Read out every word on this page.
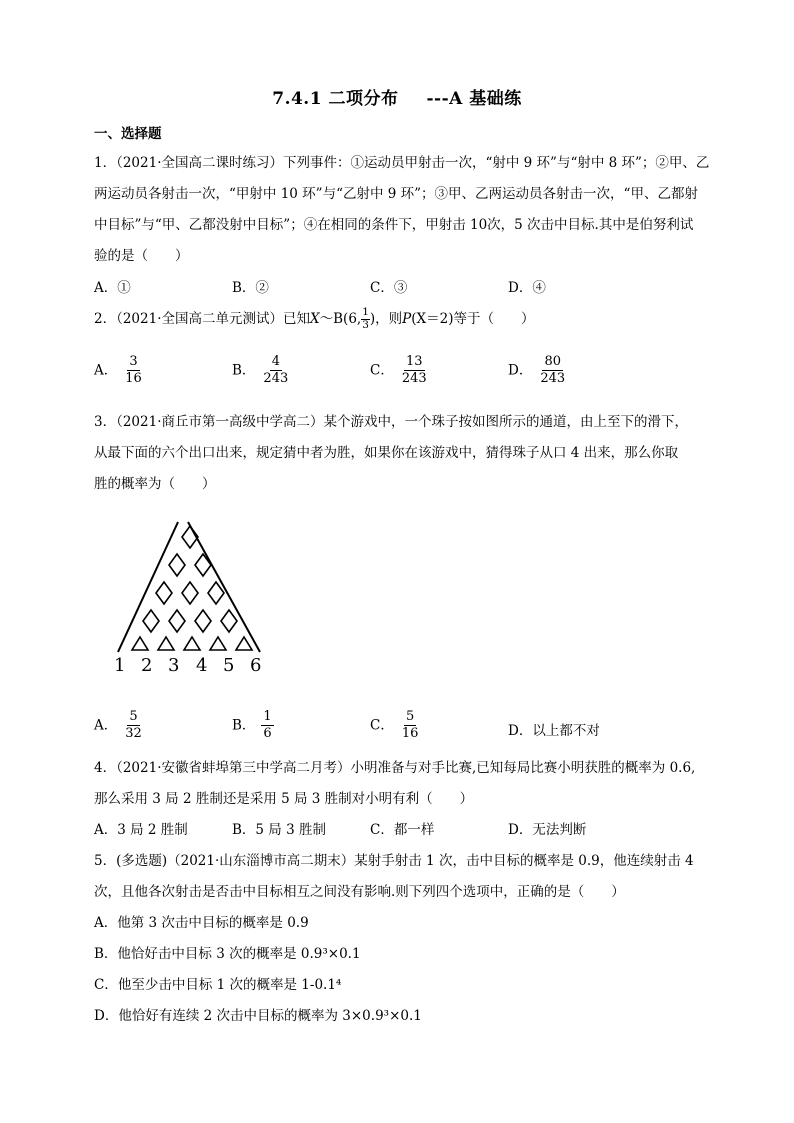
7.4.1 二项分布 ---A 基础练
一、选择题
1．（2021·全国高二课时练习）下列事件：①运动员甲射击一次，“射中 9 环”与“射中 8 环”；②甲、乙
两运动员各射击一次，“甲射中 10 环”与“乙射中 9 环”；③甲、乙两运动员各射击一次，“甲、乙都射
中目标”与“甲、乙都没射中目标”；④在相同的条件下，甲射击 10次，5 次击中目标.其中是伯努利试
验的是（　　）
A．①	B．②	C．③	D．④
2．（2021·全国高二单元测试）已知X～B(6, $\frac{1}{3}$ )，则P(X＝2)等于（　　）
A． $\frac{3}{16}$	B． $\frac{4}{243}$	C． $\frac{13}{243}$	D． $\frac{80}{243}$
3．（2021·商丘市第一高级中学高二）某个游戏中，一个珠子按如图所示的通道，由上至下的滑下，
从最下面的六个出口出来，规定猜中者为胜，如果你在该游戏中，猜得珠子从口 4 出来，那么你取
胜的概率为（　　）
1 2 3 4 5 6
A． $\frac{5}{32}$	B． $\frac{1}{6}$	C． $\frac{5}{16}$	D．以上都不对
4．（2021·安徽省蚌埠第三中学高二月考）小明准备与对手比赛,已知每局比赛小明获胜的概率为 0.6,
那么采用 3 局 2 胜制还是采用 5 局 3 胜制对小明有利（　　）
A．3 局 2 胜制	B．5 局 3 胜制	C．都一样	D．无法判断
5．(多选题)（2021·山东淄博市高二期末）某射手射击 1 次，击中目标的概率是 0.9，他连续射击 4
次，且他各次射击是否击中目标相互之间没有影响.则下列四个选项中，正确的是（　　）
A．他第 3 次击中目标的概率是 0.9
B．他恰好击中目标 3 次的概率是 0.9³×0.1
C．他至少击中目标 1 次的概率是 1-0.1⁴
D．他恰好有连续 2 次击中目标的概率为 3×0.9³×0.1
